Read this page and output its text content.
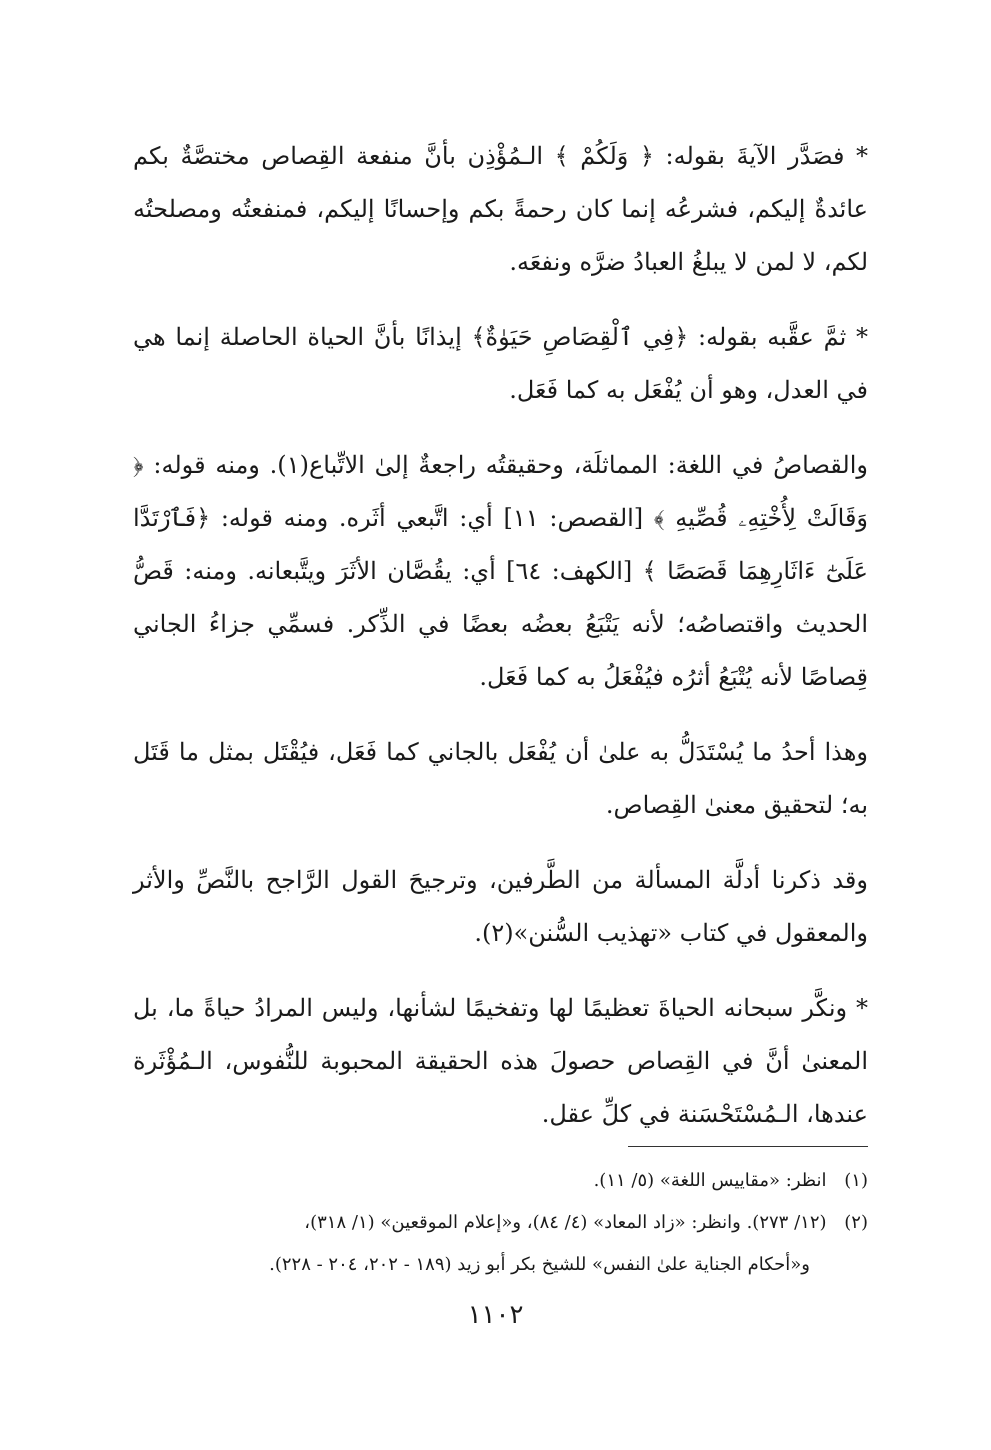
* فصَدَّر الآيةَ بقوله: ﴿ وَلَكُمْ ﴾ الـمُؤْذِن بأنَّ منفعة القِصاص مختصَّةٌ بكم عائدةٌ إليكم، فشرعُه إنما كان رحمةً بكم وإحسانًا إليكم، فمنفعتُه ومصلحتُه لكم، لا لمن لا يبلغُ العبادُ ضرَّه ونفعَه.

* ثمَّ عقَّبه بقوله: ﴿فِي ٱلْقِصَاصِ حَيَوٰةٌ﴾ إيذانًا بأنَّ الحياة الحاصلة إنما هي في العدل، وهو أن يُفْعَل به كما فَعَل.

والقصاصُ في اللغة: المماثلَة، وحقيقتُه راجعةٌ إلىٰ الاتِّباع(١). ومنه قوله: ﴿ وَقَالَتْ لِأُخْتِهِۦ قُصِّيهِ ﴾ [القصص: ١١] أي: اتَّبعي أثَره. ومنه قوله: ﴿فَٱرْتَدَّا عَلَىٰٓ ءَاثَارِهِمَا قَصَصًا ﴾ [الكهف: ٦٤] أي: يقُصَّان الأثَرَ ويتَّبعانه. ومنه: قَصُّ الحديث واقتصاصُه؛ لأنه يَتْبَعُ بعضُه بعضًا في الذِّكر. فسمِّي جزاءُ الجاني قِصاصًا لأنه يُتْبَعُ أثرُه فيُفْعَلُ به كما فَعَل.

وهذا أحدُ ما يُسْتَدَلُّ به علىٰ أن يُفْعَل بالجاني كما فَعَل، فيُقْتَل بمثل ما قَتَل به؛ لتحقيق معنىٰ القِصاص.

وقد ذكرنا أدلَّة المسألة من الطَّرفين، وترجيحَ القول الرَّاجح بالنَّصِّ والأثر والمعقول في كتاب «تهذيب السُّنن»(٢).

* ونكَّر سبحانه الحياةَ تعظيمًا لها وتفخيمًا لشأنها، وليس المرادُ حياةً ما، بل المعنىٰ أنَّ في القِصاص حصولَ هذه الحقيقة المحبوبة للنُّفوس، الـمُؤْثَرة عندها، الـمُسْتَحْسَنة في كلِّ عقل.

(١) انظر: «مقاييس اللغة» (٥/ ١١).

(٢) (١٢/ ٢٧٣). وانظر: «زاد المعاد» (٤/ ٨٤)، و«إعلام الموقعين» (١/ ٣١٨)،

و«أحكام الجناية علىٰ النفس» للشيخ بكر أبو زيد (١٨٩ - ٢٠٢، ٢٠٤ - ٢٢٨).

١١٠٢
